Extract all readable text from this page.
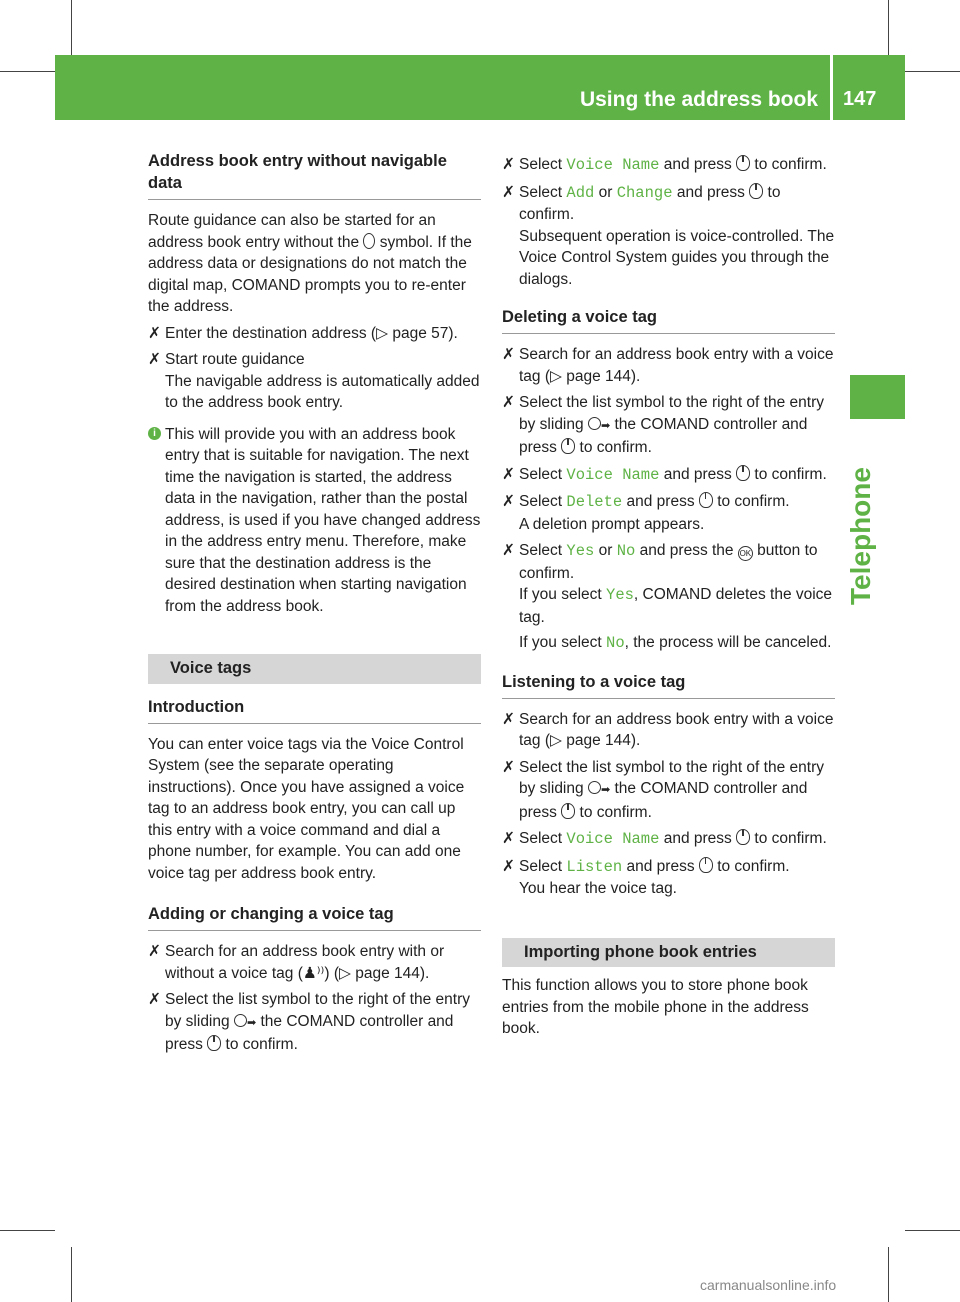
Using the address book 147
Telephone
Address book entry without navigable data

Route guidance can also be started for an address book entry without the  symbol. If the address data or designations do not match the digital map, COMAND prompts you to re-enter the address.

✗ Enter the destination address (▷ page 57).
✗ Start route guidance
The navigable address is automatically added to the address book entry.
i This will provide you with an address book entry that is suitable for navigation. The next time the navigation is started, the address data in the navigation, rather than the postal address, is used if you have changed address in the address entry menu. Therefore, make sure that the destination address is the desired destination when starting navigation from the address book.
Voice tags
Introduction

You can enter voice tags via the Voice Control System (see the separate operating instructions). Once you have assigned a voice tag to an address book entry, you can call up this entry with a voice command and dial a phone number, for example. You can add one voice tag per address book entry.

Adding or changing a voice tag
✗ Search for an address book entry with or without a voice tag (♟⁾⁾) (▷ page 144).
✗ Select the list symbol to the right of the entry by sliding ➡ the COMAND controller and press  to confirm.
✗ Select Voice Name and press  to confirm.
✗ Select Add or Change and press  to confirm.
Subsequent operation is voice-controlled. The Voice Control System guides you through the dialogs.
Deleting a voice tag
✗ Search for an address book entry with a voice tag (▷ page 144).
✗ Select the list symbol to the right of the entry by sliding ➡ the COMAND controller and press  to confirm.
✗ Select Voice Name and press  to confirm.
✗ Select Delete and press  to confirm.
A deletion prompt appears.
✗ Select Yes or No and press the OK button to confirm.
If you select Yes, COMAND deletes the voice tag.
If you select No, the process will be canceled.
Listening to a voice tag
✗ Search for an address book entry with a voice tag (▷ page 144).
✗ Select the list symbol to the right of the entry by sliding ➡ the COMAND controller and press  to confirm.
✗ Select Voice Name and press  to confirm.
✗ Select Listen and press  to confirm.
You hear the voice tag.
Importing phone book entries

This function allows you to store phone book entries from the mobile phone in the address book.

carmanualsonline.info
